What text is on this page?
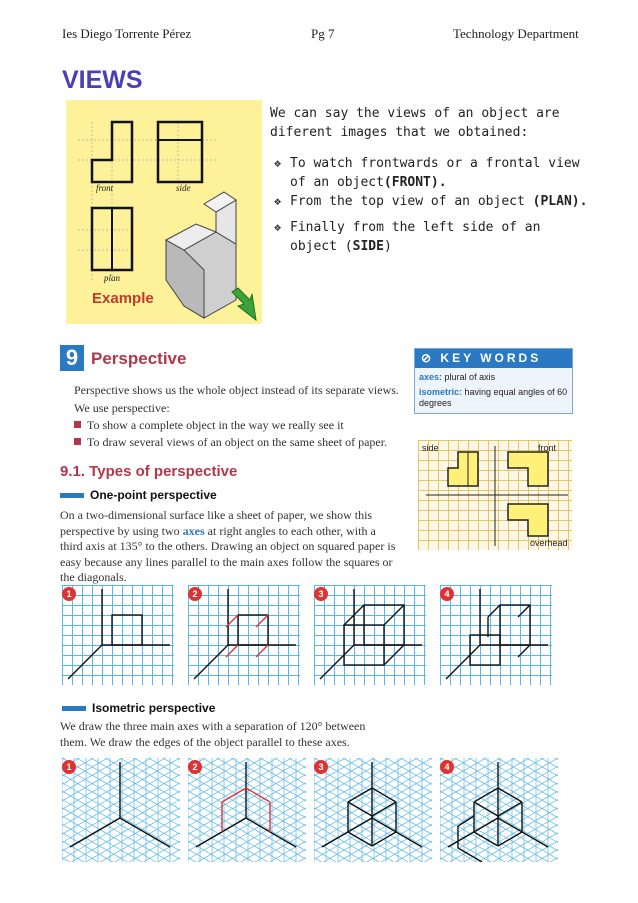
Ies Diego Torrente Pérez	Pg 7	Technology Department
VIEWS
front	side
plan
Example
We can say the views of an object are diferent images that we obtained:
❖ To watch frontwards or a frontal view of an object(FRONT).
❖ From the top view of an object (PLAN).
❖ Finally from the left side of an object (SIDE)
9 Perspective
Perspective shows us the whole object instead of its separate views.
We use perspective:
To show a complete object in the way we really see it
To draw several views of an object on the same sheet of paper.
⊘ KEY WORDS
axes: plural of axis
isometric: having equal angles of 60 degrees
side	front
overhead
9.1. Types of perspective
One-point perspective
On a two-dimensional surface like a sheet of paper, we show this perspective by using two axes at right angles to each other, with a third axis at 135° to the others. Drawing an object on squared paper is easy because any lines parallel to the main axes follow the squares or the diagonals.
1	2	3	4
Isometric perspective
We draw the three main axes with a separation of 120° between them. We draw the edges of the object parallel to these axes.
1	2	3	4
